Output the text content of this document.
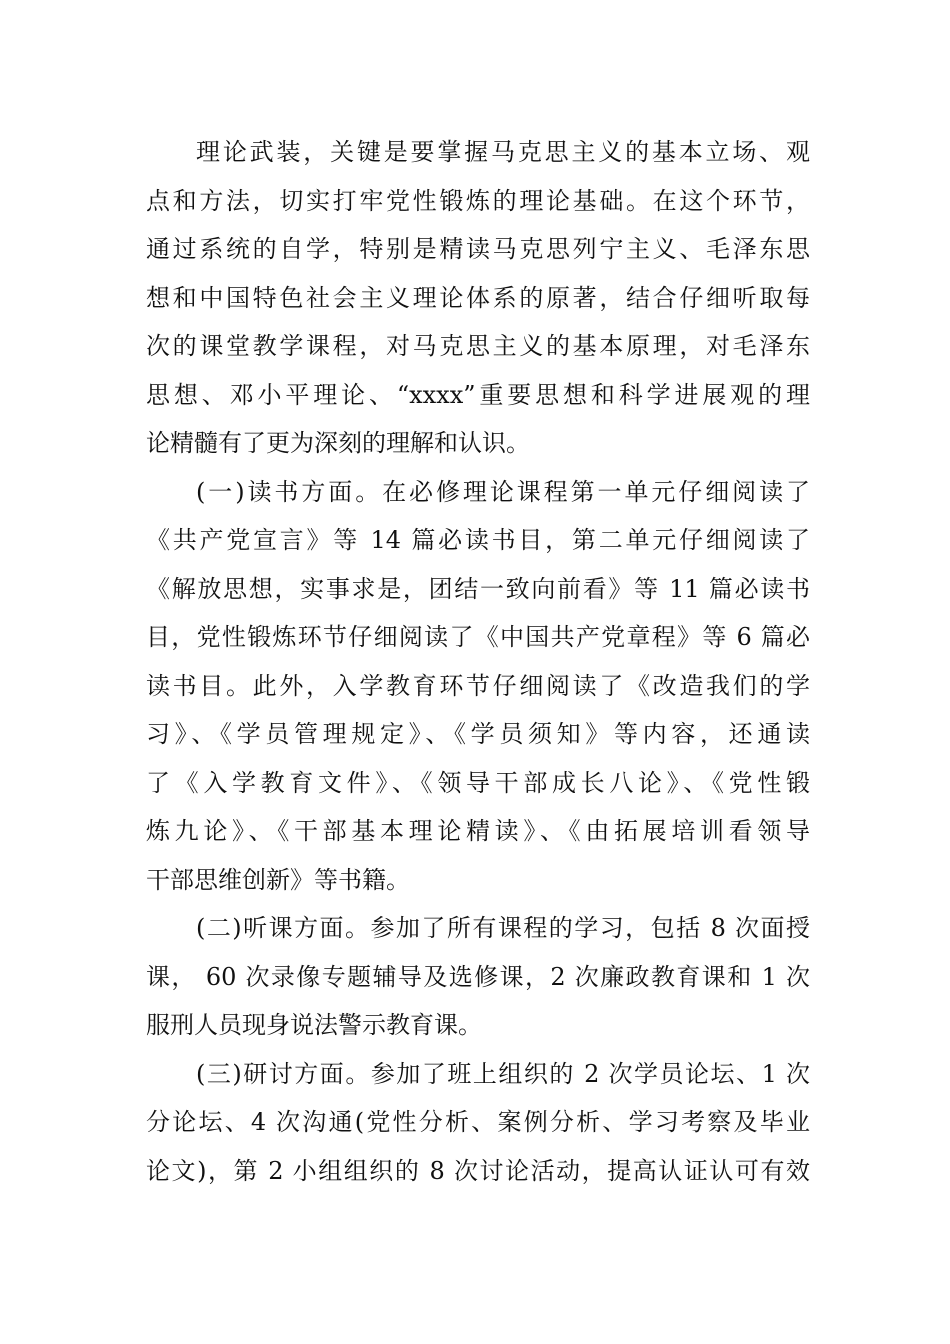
理论武装，关键是要掌握马克思主义的基本立场、观
点和方法，切实打牢党性锻炼的理论基础。在这个环节，
通过系统的自学，特别是精读马克思列宁主义、毛泽东思
想和中国特色社会主义理论体系的原著，结合仔细听取每
次的课堂教学课程，对马克思主义的基本原理，对毛泽东
思想、邓小平理论、“xxxx”重要思想和科学进展观的理
论精髓有了更为深刻的理解和认识。
(一)读书方面。在必修理论课程第一单元仔细阅读了
《共产党宣言》等 14 篇必读书目，第二单元仔细阅读了
《解放思想，实事求是，团结一致向前看》等 11 篇必读书
目，党性锻炼环节仔细阅读了《中国共产党章程》等 6 篇必
读书目。此外，入学教育环节仔细阅读了《改造我们的学
习》、《学员管理规定》、《学员须知》等内容，还通读
了《入学教育文件》、《领导干部成长八论》、《党性锻
炼九论》、《干部基本理论精读》、《由拓展培训看领导
干部思维创新》等书籍。
(二)听课方面。参加了所有课程的学习，包括 8 次面授
课， 60 次录像专题辅导及选修课，2 次廉政教育课和 1 次
服刑人员现身说法警示教育课。
(三)研讨方面。参加了班上组织的 2 次学员论坛、1 次
分论坛、4 次沟通(党性分析、案例分析、学习考察及毕业
论文)，第 2 小组组织的 8 次讨论活动，提高认证认可有效
